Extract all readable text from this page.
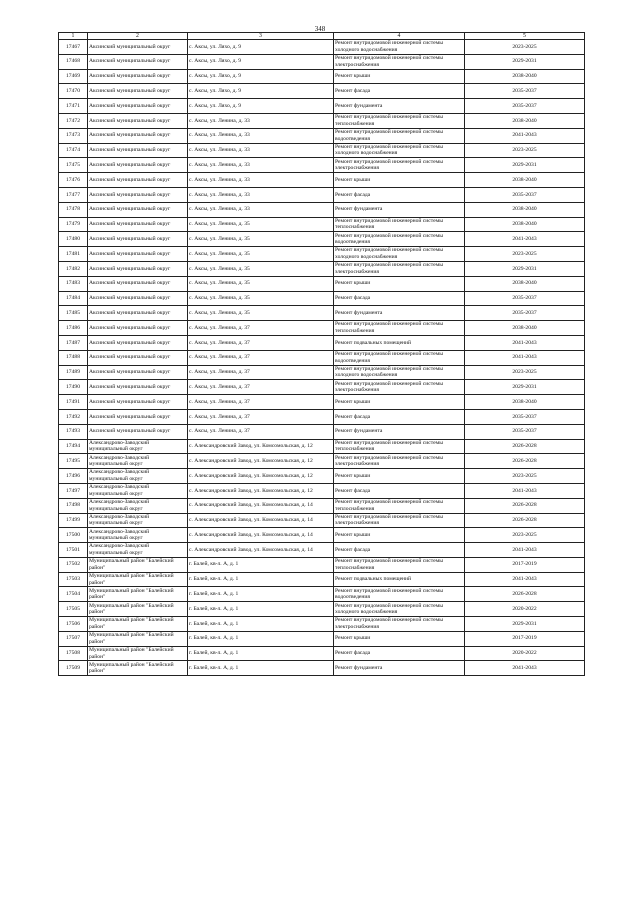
348
1	2	3	4	5
17467	Аксинский муниципальный округ	с. Аксы, ул. Ляхо, д. 9	Ремонт внутридомовой инженерной системы холодного водоснабжения	2023-2025
17468	Аксинский муниципальный округ	с. Аксы, ул. Ляхо, д. 9	Ремонт внутридомовой инженерной системы электроснабжения	2029-2031
17469	Аксинский муниципальный округ	с. Аксы, ул. Ляхо, д. 9	Ремонт крыши	2038-2040
17470	Аксинский муниципальный округ	с. Аксы, ул. Ляхо, д. 9	Ремонт фасада	2035-2037
17471	Аксинский муниципальный округ	с. Аксы, ул. Ляхо, д. 9	Ремонт фундамента	2035-2037
17472	Аксинский муниципальный округ	с. Аксы, ул. Ленина, д. 33	Ремонт внутридомовой инженерной системы теплоснабжения	2038-2040
17473	Аксинский муниципальный округ	с. Аксы, ул. Ленина, д. 33	Ремонт внутридомовой инженерной системы водоотведения	2041-2043
17474	Аксинский муниципальный округ	с. Аксы, ул. Ленина, д. 33	Ремонт внутридомовой инженерной системы холодного водоснабжения	2023-2025
17475	Аксинский муниципальный округ	с. Аксы, ул. Ленина, д. 33	Ремонт внутридомовой инженерной системы электроснабжения	2029-2031
17476	Аксинский муниципальный округ	с. Аксы, ул. Ленина, д. 33	Ремонт крыши	2038-2040
17477	Аксинский муниципальный округ	с. Аксы, ул. Ленина, д. 33	Ремонт фасада	2035-2037
17478	Аксинский муниципальный округ	с. Аксы, ул. Ленина, д. 33	Ремонт фундамента	2038-2040
17479	Аксинский муниципальный округ	с. Аксы, ул. Ленина, д. 35	Ремонт внутридомовой инженерной системы теплоснабжения	2038-2040
17480	Аксинский муниципальный округ	с. Аксы, ул. Ленина, д. 35	Ремонт внутридомовой инженерной системы водоотведения	2041-2043
17481	Аксинский муниципальный округ	с. Аксы, ул. Ленина, д. 35	Ремонт внутридомовой инженерной системы холодного водоснабжения	2023-2025
17482	Аксинский муниципальный округ	с. Аксы, ул. Ленина, д. 35	Ремонт внутридомовой инженерной системы электроснабжения	2029-2031
17483	Аксинский муниципальный округ	с. Аксы, ул. Ленина, д. 35	Ремонт крыши	2038-2040
17484	Аксинский муниципальный округ	с. Аксы, ул. Ленина, д. 35	Ремонт фасада	2035-2037
17485	Аксинский муниципальный округ	с. Аксы, ул. Ленина, д. 35	Ремонт фундамента	2035-2037
17486	Аксинский муниципальный округ	с. Аксы, ул. Ленина, д. 37	Ремонт внутридомовой инженерной системы теплоснабжения	2038-2040
17487	Аксинский муниципальный округ	с. Аксы, ул. Ленина, д. 37	Ремонт подвальных помещений	2041-2043
17488	Аксинский муниципальный округ	с. Аксы, ул. Ленина, д. 37	Ремонт внутридомовой инженерной системы водоотведения	2041-2043
17489	Аксинский муниципальный округ	с. Аксы, ул. Ленина, д. 37	Ремонт внутридомовой инженерной системы холодного водоснабжения	2023-2025
17490	Аксинский муниципальный округ	с. Аксы, ул. Ленина, д. 37	Ремонт внутридомовой инженерной системы электроснабжения	2029-2031
17491	Аксинский муниципальный округ	с. Аксы, ул. Ленина, д. 37	Ремонт крыши	2038-2040
17492	Аксинский муниципальный округ	с. Аксы, ул. Ленина, д. 37	Ремонт фасада	2035-2037
17493	Аксинский муниципальный округ	с. Аксы, ул. Ленина, д. 37	Ремонт фундамента	2035-2037
17494	Александрово-Заводский муниципальный округ	с. Александровский Завод, ул. Комсомольская, д. 12	Ремонт внутридомовой инженерной системы теплоснабжения	2026-2028
17495	Александрово-Заводский муниципальный округ	с. Александровский Завод, ул. Комсомольская, д. 12	Ремонт внутридомовой инженерной системы электроснабжения	2026-2028
17496	Александрово-Заводский муниципальный округ	с. Александровский Завод, ул. Комсомольская, д. 12	Ремонт крыши	2023-2025
17497	Александрово-Заводский муниципальный округ	с. Александровский Завод, ул. Комсомольская, д. 12	Ремонт фасада	2041-2043
17498	Александрово-Заводский муниципальный округ	с. Александровский Завод, ул. Комсомольская, д. 14	Ремонт внутридомовой инженерной системы теплоснабжения	2026-2028
17499	Александрово-Заводский муниципальный округ	с. Александровский Завод, ул. Комсомольская, д. 14	Ремонт внутридомовой инженерной системы электроснабжения	2026-2028
17500	Александрово-Заводский муниципальный округ	с. Александровский Завод, ул. Комсомольская, д. 14	Ремонт крыши	2023-2025
17501	Александрово-Заводский муниципальный округ	с. Александровский Завод, ул. Комсомольская, д. 14	Ремонт фасада	2041-2043
17502	Муниципальный район "Балейский район"	г. Балей, кв-л. А, д. 1	Ремонт внутридомовой инженерной системы теплоснабжения	2017-2019
17503	Муниципальный район "Балейский район"	г. Балей, кв-л. А, д. 1	Ремонт подвальных помещений	2041-2043
17504	Муниципальный район "Балейский район"	г. Балей, кв-л. А, д. 1	Ремонт внутридомовой инженерной системы водоотведения	2026-2028
17505	Муниципальный район "Балейский район"	г. Балей, кв-л. А, д. 1	Ремонт внутридомовой инженерной системы холодного водоснабжения	2020-2022
17506	Муниципальный район "Балейский район"	г. Балей, кв-л. А, д. 1	Ремонт внутридомовой инженерной системы электроснабжения	2029-2031
17507	Муниципальный район "Балейский район"	г. Балей, кв-л. А, д. 1	Ремонт крыши	2017-2019
17508	Муниципальный район "Балейский район"	г. Балей, кв-л. А, д. 1	Ремонт фасада	2020-2022
17509	Муниципальный район "Балейский район"	г. Балей, кв-л. А, д. 1	Ремонт фундамента	2041-2043
